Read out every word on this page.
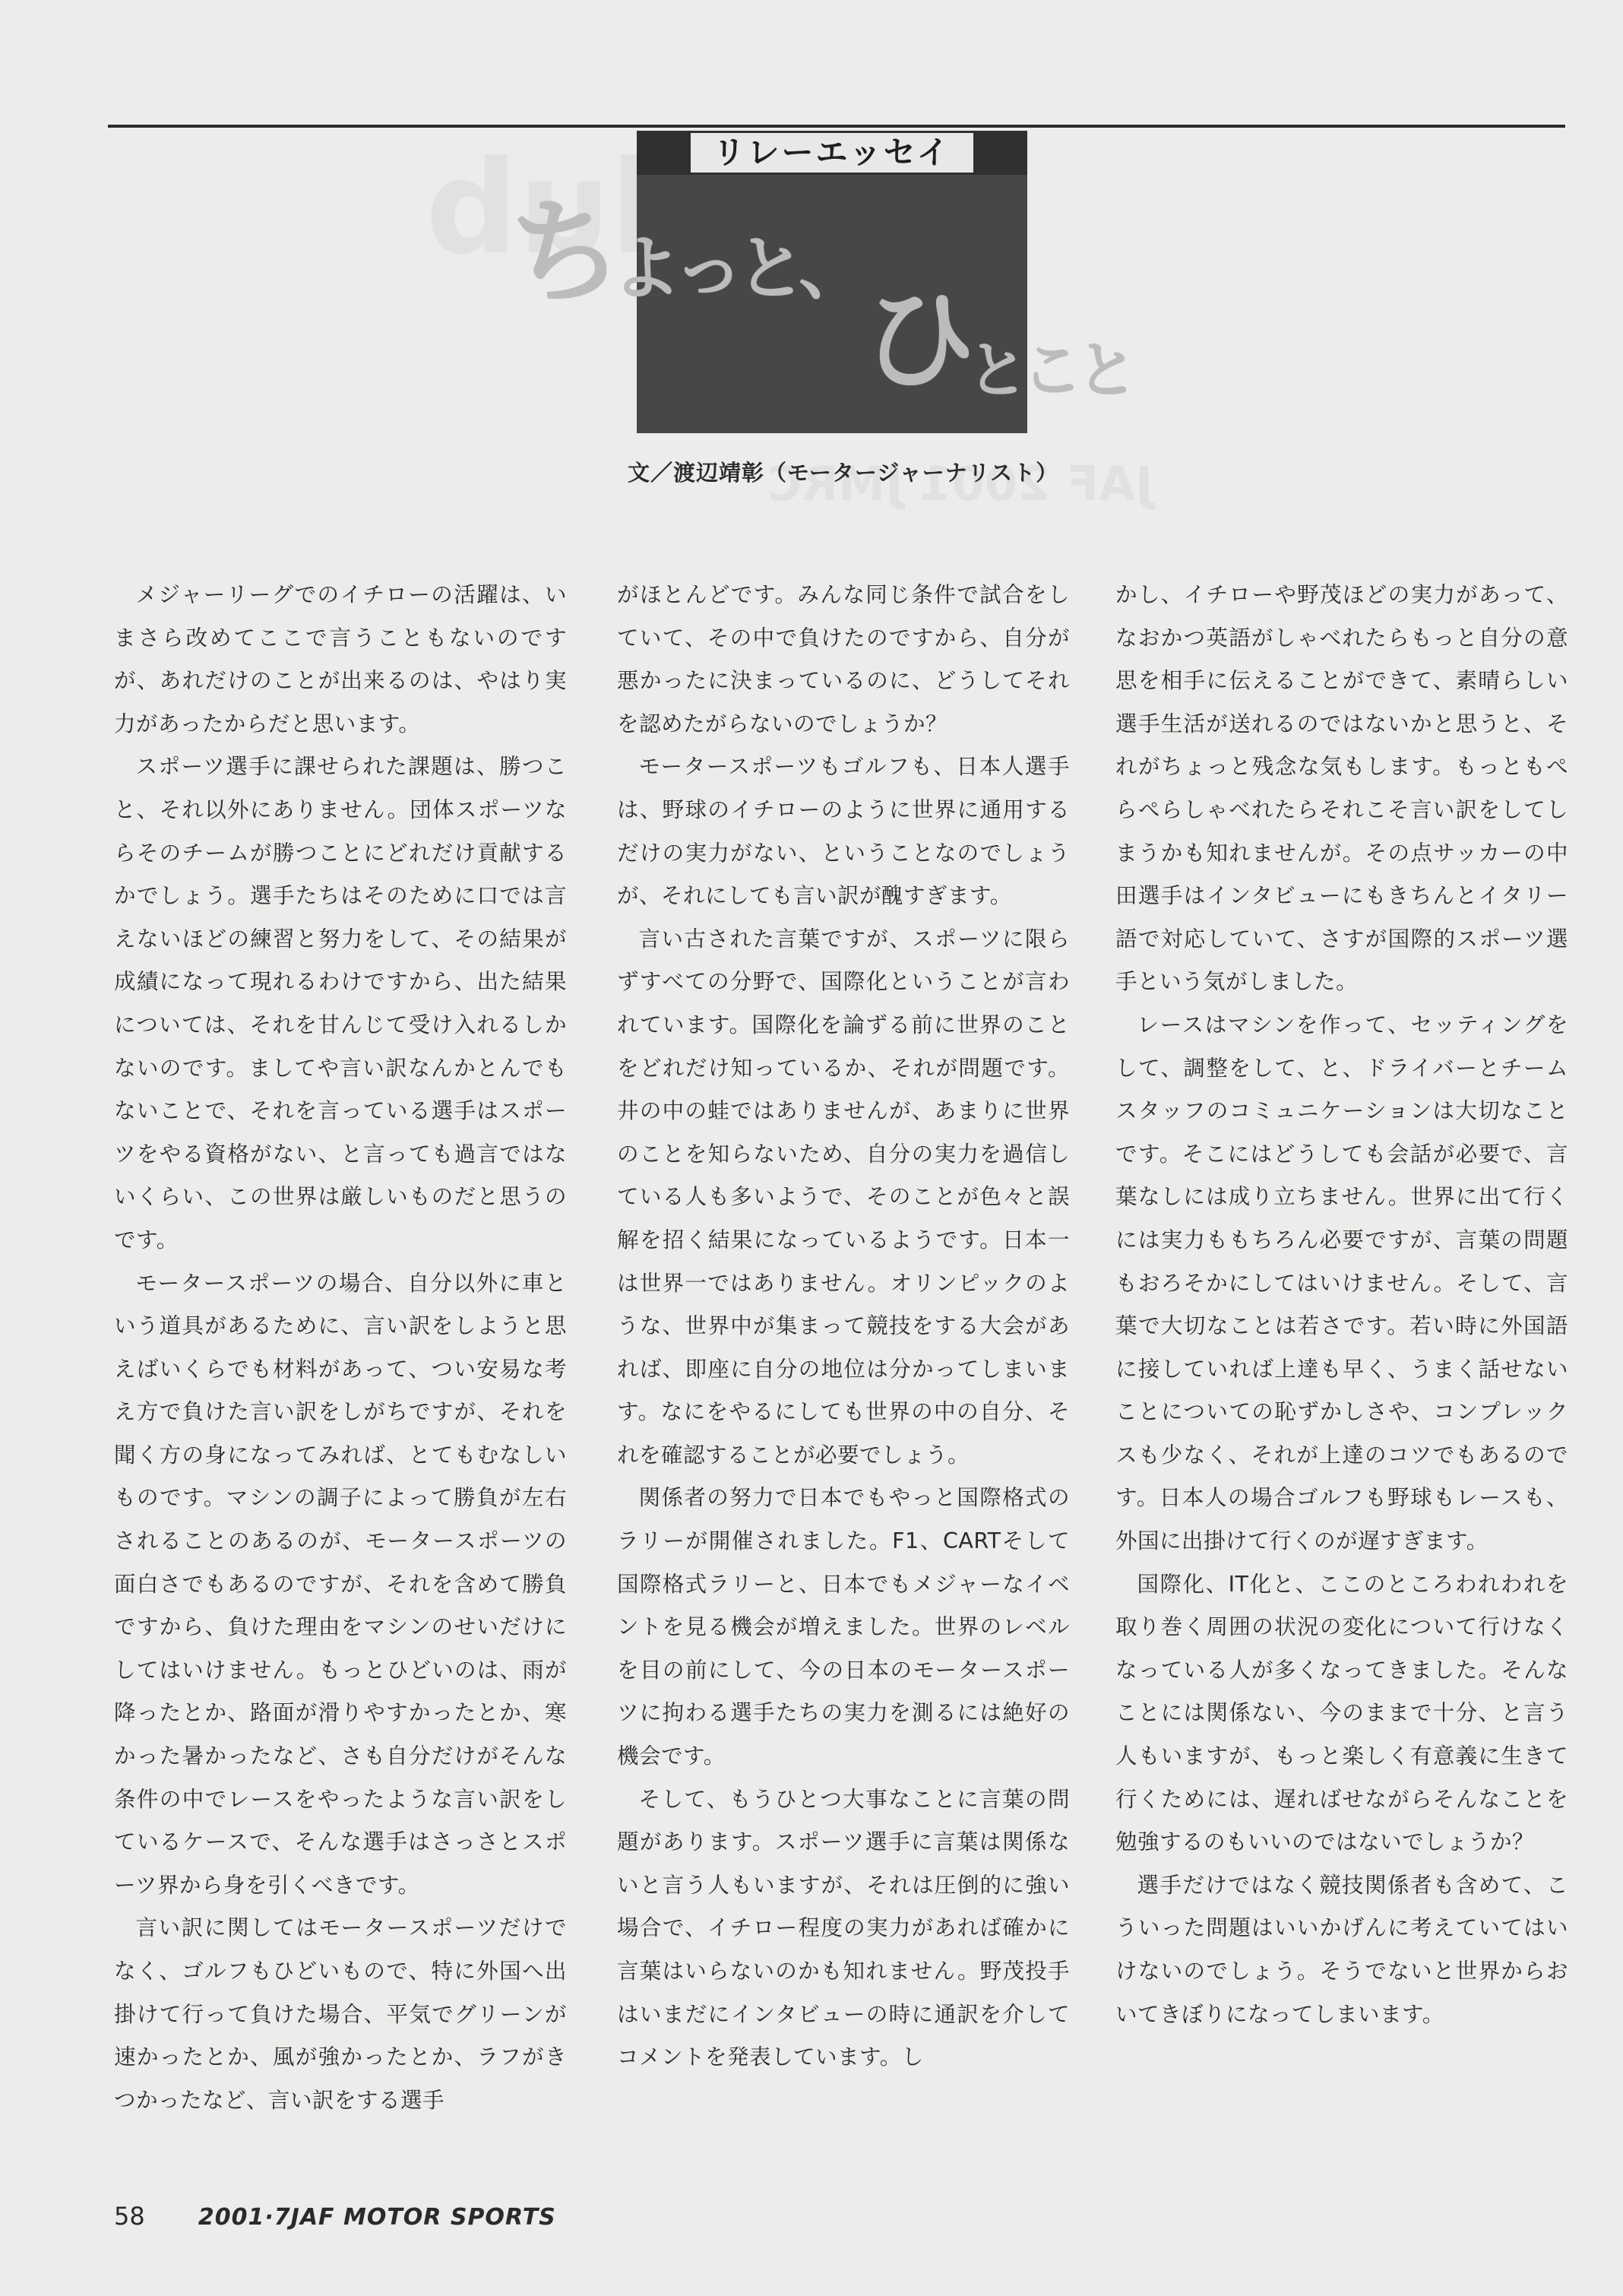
リレーエッセイ
ち
よっと、
ひ
とこと
文／渡辺靖彰（モータージャーナリスト）

メジャーリーグでのイチローの活躍は、いまさら改めてここで言うこともないのですが、あれだけのことが出来るのは、やはり実力があったからだと思います。

スポーツ選手に課せられた課題は、勝つこと、それ以外にありません。団体スポーツならそのチームが勝つことにどれだけ貢献するかでしょう。選手たちはそのために口では言えないほどの練習と努力をして、その結果が成績になって現れるわけですから、出た結果については、それを甘んじて受け入れるしかないのです。ましてや言い訳なんかとんでもないことで、それを言っている選手はスポーツをやる資格がない、と言っても過言ではないくらい、この世界は厳しいものだと思うのです。

モータースポーツの場合、自分以外に車という道具があるために、言い訳をしようと思えばいくらでも材料があって、つい安易な考え方で負けた言い訳をしがちですが、それを聞く方の身になってみれば、とてもむなしいものです。マシンの調子によって勝負が左右されることのあるのが、モータースポーツの面白さでもあるのですが、それを含めて勝負ですから、負けた理由をマシンのせいだけにしてはいけません。もっとひどいのは、雨が降ったとか、路面が滑りやすかったとか、寒かった暑かったなど、さも自分だけがそんな条件の中でレースをやったような言い訳をしているケースで、そんな選手はさっさとスポーツ界から身を引くべきです。

言い訳に関してはモータースポーツだけでなく、ゴルフもひどいもので、特に外国へ出掛けて行って負けた場合、平気でグリーンが速かったとか、風が強かったとか、ラフがきつかったなど、言い訳をする選手

がほとんどです。みんな同じ条件で試合をしていて、その中で負けたのですから、自分が悪かったに決まっているのに、どうしてそれを認めたがらないのでしょうか？

モータースポーツもゴルフも、日本人選手は、野球のイチローのように世界に通用するだけの実力がない、ということなのでしょうが、それにしても言い訳が醜すぎます。

言い古された言葉ですが、スポーツに限らずすべての分野で、国際化ということが言われています。国際化を論ずる前に世界のことをどれだけ知っているか、それが問題です。井の中の蛙ではありませんが、あまりに世界のことを知らないため、自分の実力を過信している人も多いようで、そのことが色々と誤解を招く結果になっているようです。日本一は世界一ではありません。オリンピックのような、世界中が集まって競技をする大会があれば、即座に自分の地位は分かってしまいます。なにをやるにしても世界の中の自分、それを確認することが必要でしょう。

関係者の努力で日本でもやっと国際格式のラリーが開催されました。F1、CARTそして国際格式ラリーと、日本でもメジャーなイベントを見る機会が増えました。世界のレベルを目の前にして、今の日本のモータースポーツに拘わる選手たちの実力を測るには絶好の機会です。

そして、もうひとつ大事なことに言葉の問題があります。スポーツ選手に言葉は関係ないと言う人もいますが、それは圧倒的に強い場合で、イチロー程度の実力があれば確かに言葉はいらないのかも知れません。野茂投手はいまだにインタビューの時に通訳を介してコメントを発表しています。し

かし、イチローや野茂ほどの実力があって、なおかつ英語がしゃべれたらもっと自分の意思を相手に伝えることができて、素晴らしい選手生活が送れるのではないかと思うと、それがちょっと残念な気もします。もっともぺらぺらしゃべれたらそれこそ言い訳をしてしまうかも知れませんが。その点サッカーの中田選手はインタビューにもきちんとイタリー語で対応していて、さすが国際的スポーツ選手という気がしました。

レースはマシンを作って、セッティングをして、調整をして、と、ドライバーとチームスタッフのコミュニケーションは大切なことです。そこにはどうしても会話が必要で、言葉なしには成り立ちません。世界に出て行くには実力ももちろん必要ですが、言葉の問題もおろそかにしてはいけません。そして、言葉で大切なことは若さです。若い時に外国語に接していれば上達も早く、うまく話せないことについての恥ずかしさや、コンプレックスも少なく、それが上達のコツでもあるのです。日本人の場合ゴルフも野球もレースも、外国に出掛けて行くのが遅すぎます。

国際化、IT化と、ここのところわれわれを取り巻く周囲の状況の変化について行けなくなっている人が多くなってきました。そんなことには関係ない、今のままで十分、と言う人もいますが、もっと楽しく有意義に生きて行くためには、遅ればせながらそんなことを勉強するのもいいのではないでしょうか？

選手だけではなく競技関係者も含めて、こういった問題はいいかげんに考えていてはいけないのでしょう。そうでないと世界からおいてきぼりになってしまいます。

58 2001·7JAF MOTOR SPORTS
